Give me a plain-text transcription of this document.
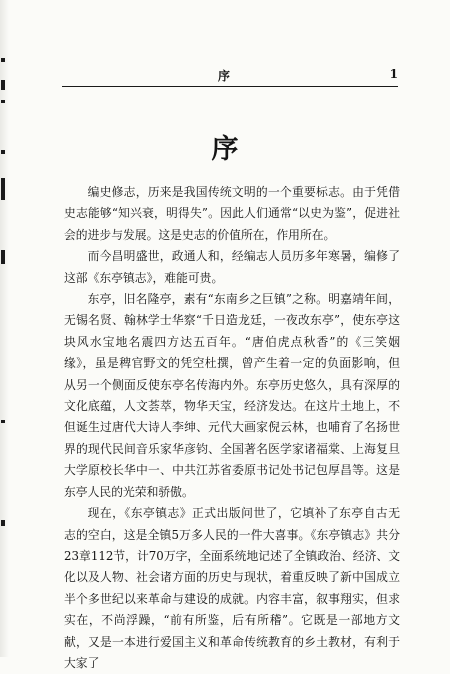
序	1
序

编史修志，历来是我国传统文明的一个重要标志。由于凭借史志能够“知兴衰，明得失”。因此人们通常“以史为鉴”，促进社会的进步与发展。这是史志的价值所在，作用所在。

而今昌明盛世，政通人和，经编志人员历多年寒暑，编修了这部《东亭镇志》，难能可贵。

东亭，旧名隆亭，素有“东南乡之巨镇”之称。明嘉靖年间，无锡名贤、翰林学士华察“千日造龙廷，一夜改东亭”，使东亭这块风水宝地名震四方达五百年。“唐伯虎点秋香”的《三笑姻缘》，虽是稗官野文的凭空杜撰，曾产生着一定的负面影响，但从另一个侧面反使东亭名传海内外。东亭历史悠久，具有深厚的文化底蕴，人文荟萃，物华天宝，经济发达。在这片土地上，不但诞生过唐代大诗人李绅、元代大画家倪云林，也哺育了名扬世界的现代民间音乐家华彦钧、全国著名医学家诸福棠、上海复旦大学原校长华中一、中共江苏省委原书记处书记包厚昌等。这是东亭人民的光荣和骄傲。

现在，《东亭镇志》正式出版问世了，它填补了东亭自古无志的空白，这是全镇5万多人民的一件大喜事。《东亭镇志》共分23章112节，计70万字，全面系统地记述了全镇政治、经济、文化以及人物、社会诸方面的历史与现状，着重反映了新中国成立半个多世纪以来革命与建设的成就。内容丰富，叙事翔实，但求实在，不尚浮躁，“前有所鉴，后有所稽”。它既是一部地方文献，又是一本进行爱国主义和革命传统教育的乡土教材，有利于大家了
